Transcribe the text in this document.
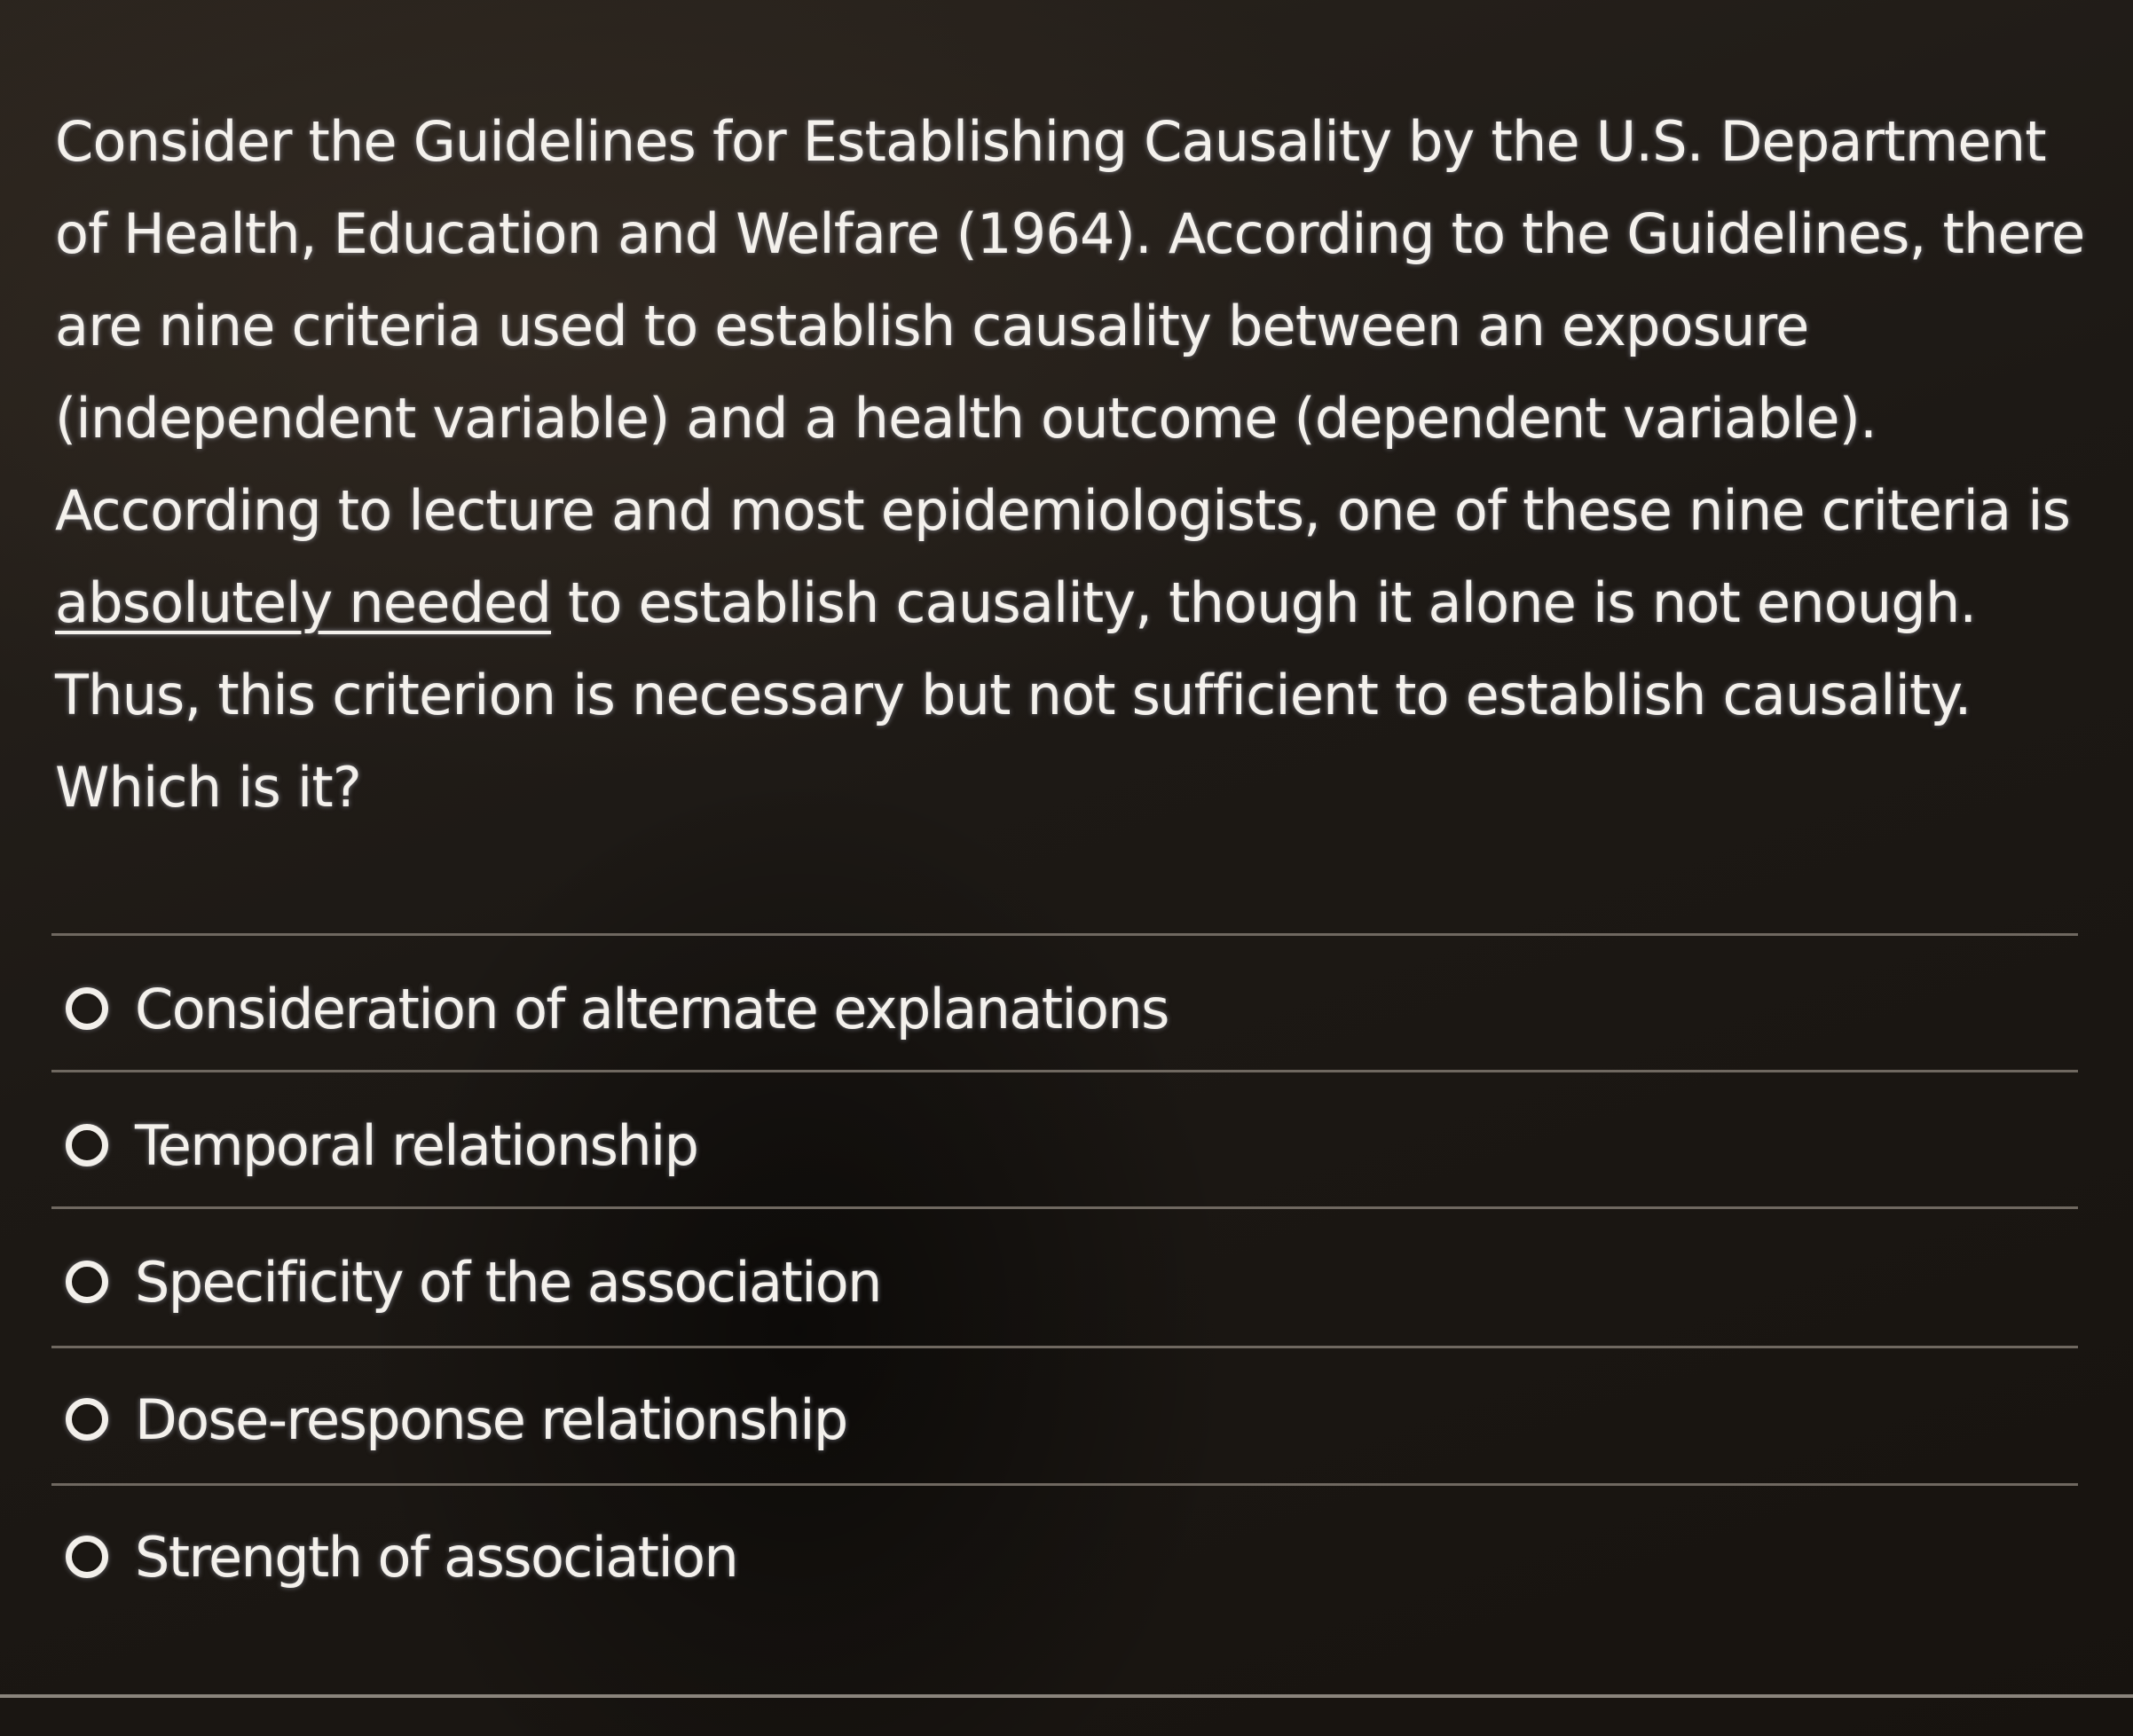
Consider the Guidelines for Establishing Causality by the U.S. Department of Health, Education and Welfare (1964). According to the Guidelines, there are nine criteria used to establish causality between an exposure (independent variable) and a health outcome (dependent variable). According to lecture and most epidemiologists, one of these nine criteria is absolutely needed to establish causality, though it alone is not enough. Thus, this criterion is necessary but not sufficient to establish causality. Which is it?

Consideration of alternate explanations
Temporal relationship
Specificity of the association
Dose-response relationship
Strength of association
